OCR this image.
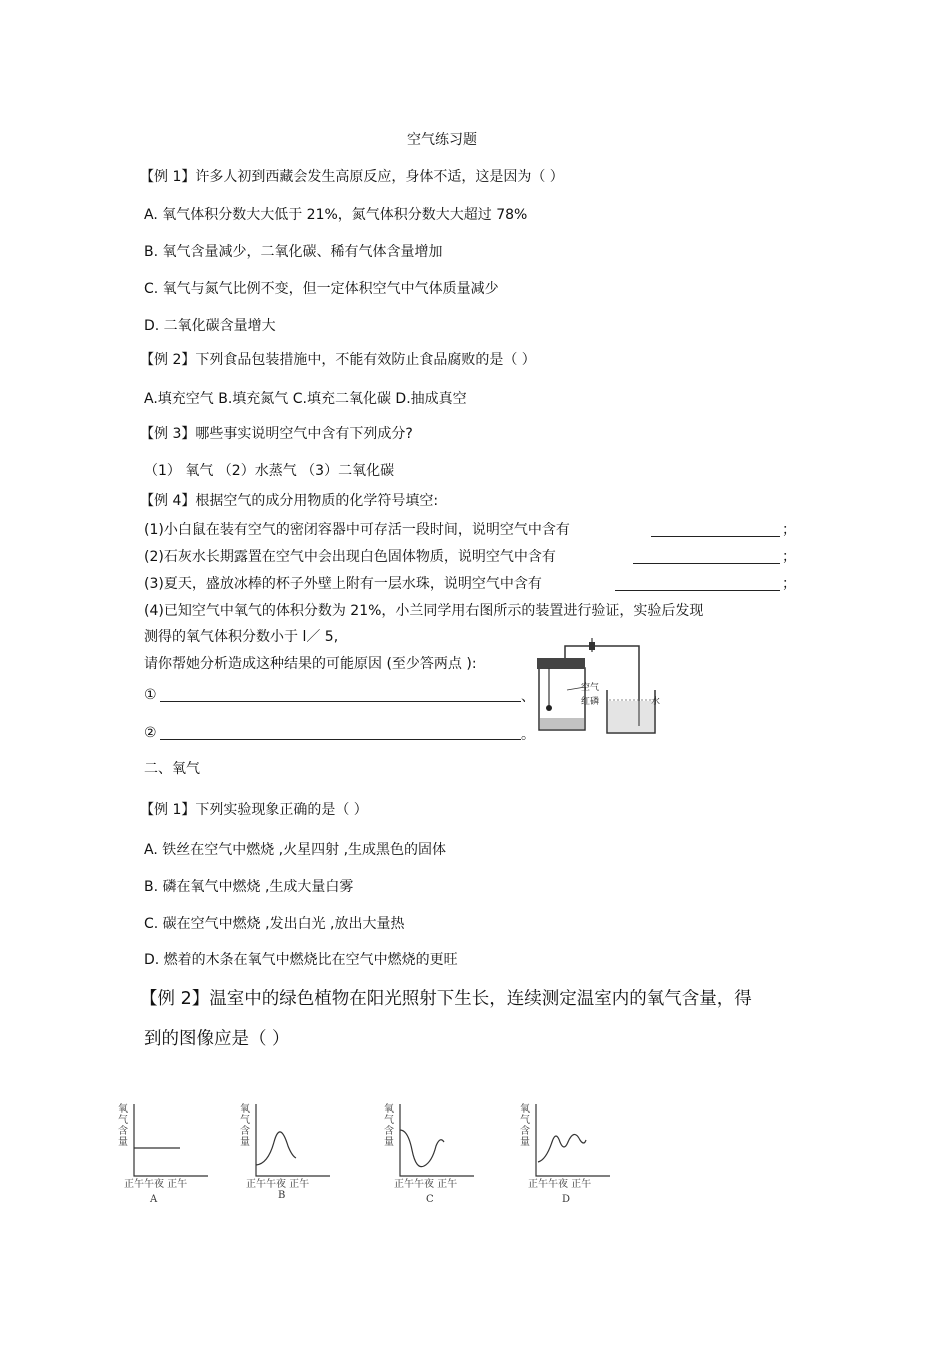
空气练习题
【例 1】许多人初到西藏会发生高原反应，身体不适，这是因为（ ）
A. 氧气体积分数大大低于 21%，氮气体积分数大大超过 78%
B. 氧气含量减少，二氧化碳、稀有气体含量增加
C. 氧气与氮气比例不变，但一定体积空气中气体质量减少
D. 二氧化碳含量增大
【例 2】下列食品包装措施中，不能有效防止食品腐败的是（ ）
A.填充空气 B.填充氮气 C.填充二氧化碳 D.抽成真空
【例 3】哪些事实说明空气中含有下列成分?
（1） 氧气 （2）水蒸气 （3）二氧化碳
【例 4】根据空气的成分用物质的化学符号填空:
(1)小白鼠在装有空气的密闭容器中可存活一段时间，说明空气中含有	；
(2)石灰水长期露置在空气中会出现白色固体物质，说明空气中含有	；
(3)夏天，盛放冰棒的杯子外壁上附有一层水珠，说明空气中含有	；
(4)已知空气中氧气的体积分数为 21%，小兰同学用右图所示的装置进行验证，实验后发现
测得的氧气体积分数小于 l／ 5,
请你帮她分析造成这种结果的可能原因 (至少答两点 ):
①	、
②	。
空气
红磷	水
二、氧气
【例 1】下列实验现象正确的是（ ）
A. 铁丝在空气中燃烧 ,火星四射 ,生成黑色的固体
B. 磷在氧气中燃烧 ,生成大量白雾
C. 碳在空气中燃烧 ,发出白光 ,放出大量热
D. 燃着的木条在氧气中燃烧比在空气中燃烧的更旺
【例 2】温室中的绿色植物在阳光照射下生长，连续测定温室内的氧气含量，得
到的图像应是（ ）
氧气含量
正午午夜 正午
A
氧气含量
正午午夜 正午
B
氧气含量
正午午夜 正午
C
氧气含量
正午午夜 正午
D
